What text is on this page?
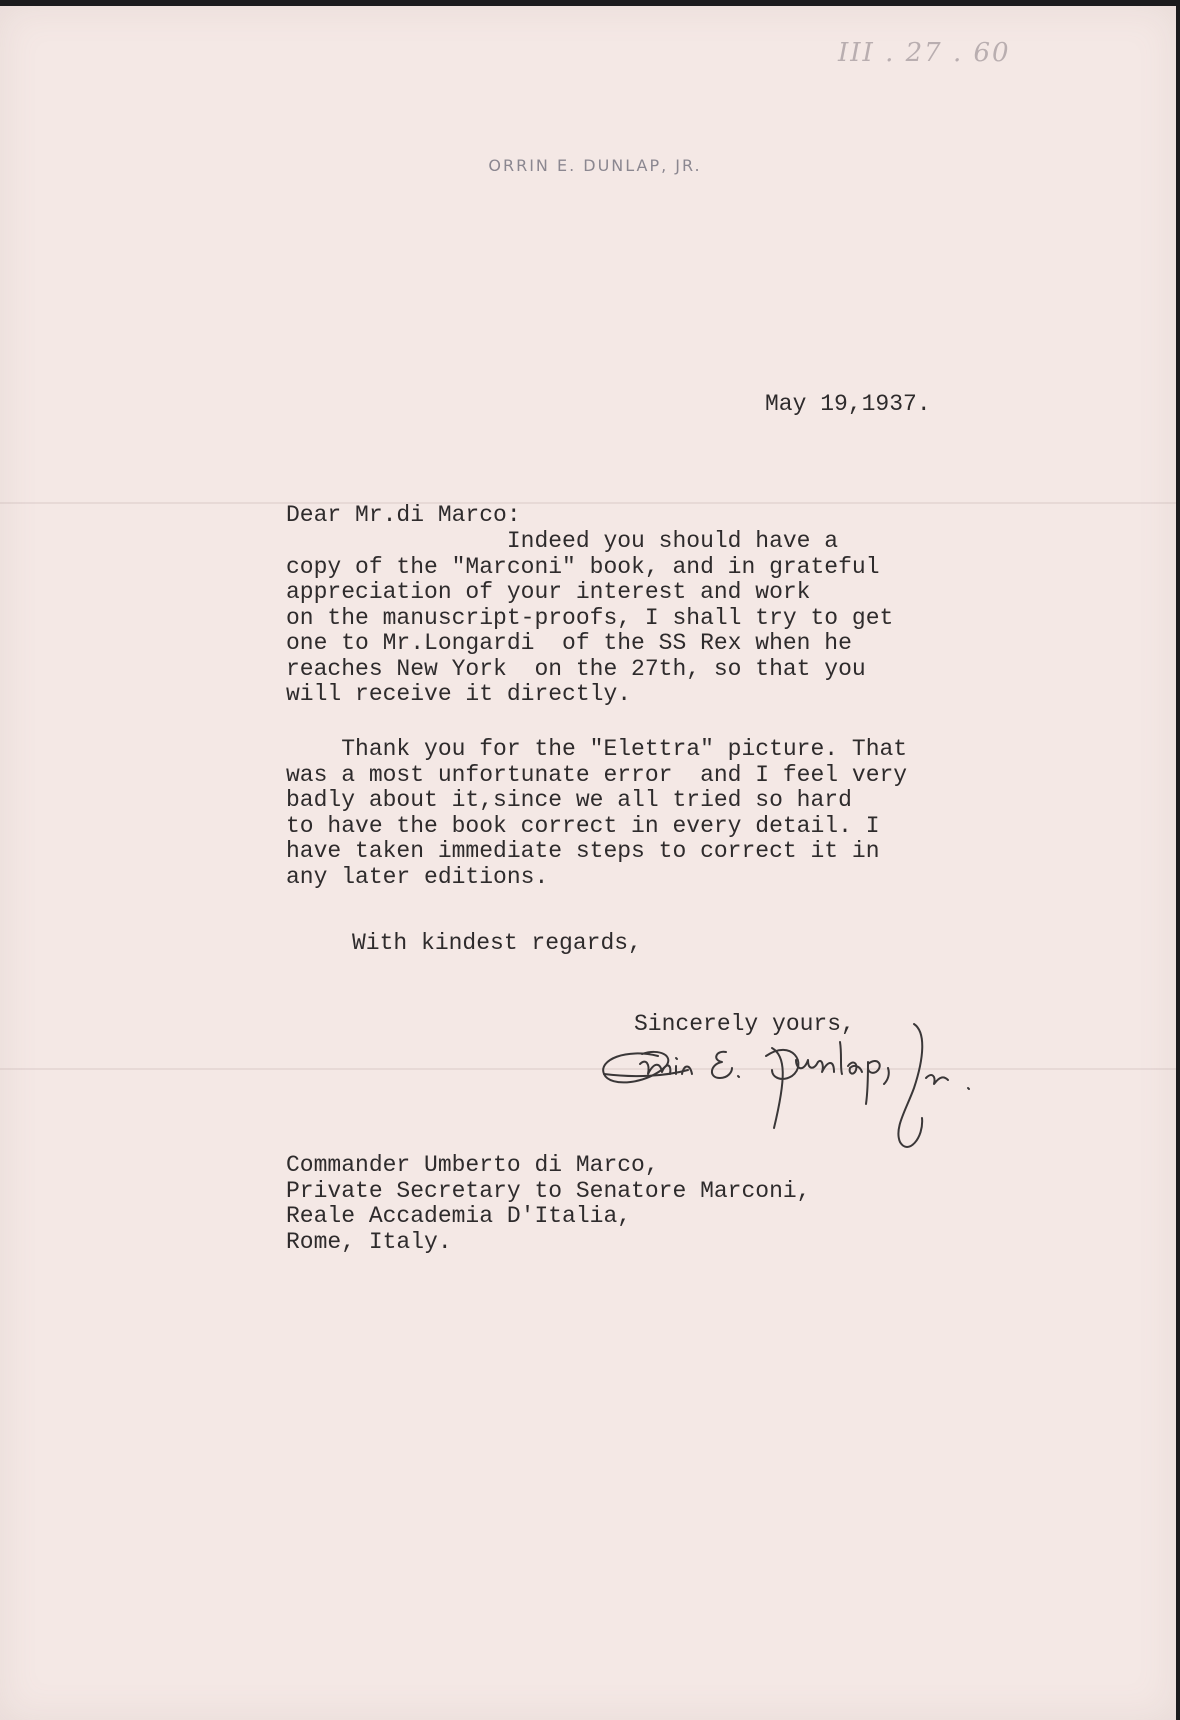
III . 27 . 60
ORRIN E. DUNLAP, JR.
May 19,1937.
Dear Mr.di Marco:
Indeed you should have a
copy of the "Marconi" book, and in grateful
appreciation of your interest and work
on the manuscript-proofs, I shall try to get
one to Mr.Longardi  of the SS Rex when he
reaches New York  on the 27th, so that you
will receive it directly.
Thank you for the "Elettra" picture. That
was a most unfortunate error  and I feel very
badly about it,since we all tried so hard
to have the book correct in every detail. I
have taken immediate steps to correct it in
any later editions.
With kindest regards,
Sincerely yours,
Commander Umberto di Marco,
Private Secretary to Senatore Marconi,
Reale Accademia D'Italia,
Rome, Italy.
